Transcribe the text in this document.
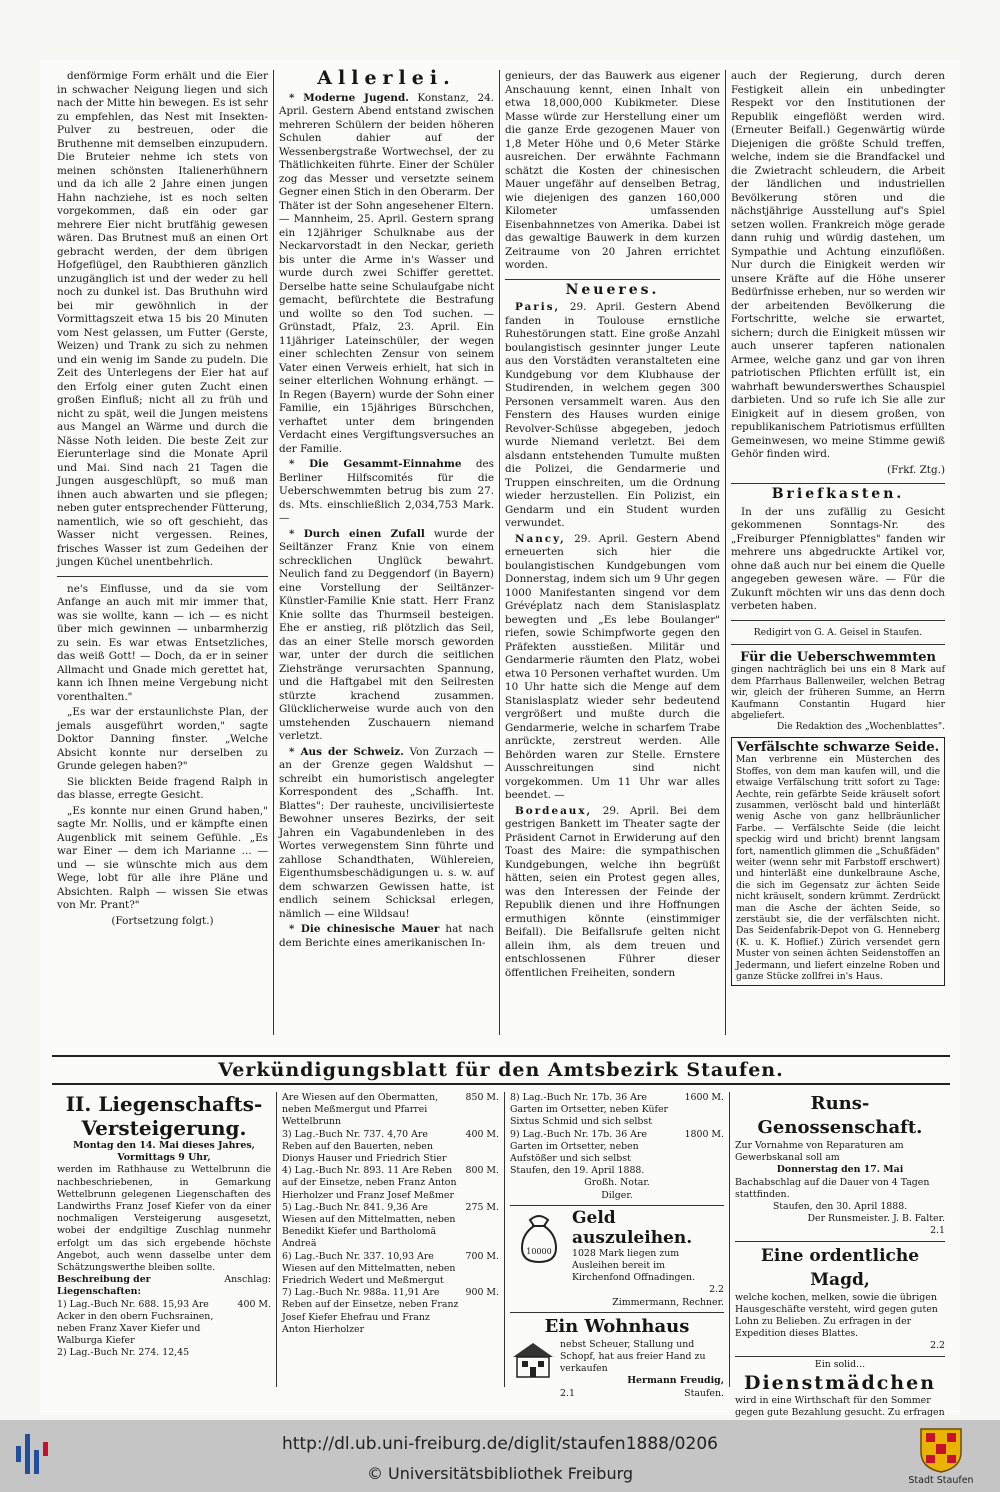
denförmige Form erhält und die Eier in schwacher Neigung liegen und sich nach der Mitte hin bewegen. Es ist sehr zu empfehlen, das Nest mit Insekten-Pulver zu bestreuen, oder die Bruthenne mit demselben einzupudern. Die Bruteier nehme ich stets von meinen schönsten Italienerhühnern und da ich alle 2 Jahre einen jungen Hahn nachziehe, ist es noch selten vorgekommen, daß ein oder gar mehrere Eier nicht brutfähig gewesen wären. Das Brutnest muß an einen Ort gebracht werden, der dem übrigen Hofgeflügel, den Raubthieren gänzlich unzugänglich ist und der weder zu hell noch zu dunkel ist. Das Bruthuhn wird bei mir gewöhnlich in der Vormittagszeit etwa 15 bis 20 Minuten vom Nest gelassen, um Futter (Gerste, Weizen) und Trank zu sich zu nehmen und ein wenig im Sande zu pudeln. Die Zeit des Unterlegens der Eier hat auf den Erfolg einer guten Zucht einen großen Einfluß; nicht all zu früh und nicht zu spät, weil die Jungen meistens aus Mangel an Wärme und durch die Nässe Noth leiden. Die beste Zeit zur Eierunterlage sind die Monate April und Mai. Sind nach 21 Tagen die Jungen ausgeschlüpft, so muß man ihnen auch abwarten und sie pflegen; neben guter entsprechender Fütterung, namentlich, wie so oft geschieht, das Wasser nicht vergessen. Reines, frisches Wasser ist zum Gedeihen der jungen Küchel unentbehrlich.

ne's Einflusse, und da sie vom Anfange an auch mit mir immer that, was sie wollte, kann — ich — es nicht über mich gewinnen — unbarmherzig zu sein. Es war etwas Entsetzliches, das weiß Gott! — Doch, da er in seiner Allmacht und Gnade mich gerettet hat, kann ich Ihnen meine Vergebung nicht vorenthalten."

„Es war der erstaunlichste Plan, der jemals ausgeführt worden," sagte Doktor Danning finster. „Welche Absicht konnte nur derselben zu Grunde gelegen haben?"

Sie blickten Beide fragend Ralph in das blasse, erregte Gesicht.

„Es konnte nur einen Grund haben," sagte Mr. Nollis, und er kämpfte einen Augenblick mit seinem Gefühle. „Es war Einer — dem ich Marianne ... — und — sie wünschte mich aus dem Wege, lobt für alle ihre Pläne und Absichten. Ralph — wissen Sie etwas von Mr. Prant?"

(Fortsetzung folgt.)
Allerlei.

* Moderne Jugend. Konstanz, 24. April. Gestern Abend entstand zwischen mehreren Schülern der beiden höheren Schulen dahier auf der Wessenbergstraße Wortwechsel, der zu Thätlichkeiten führte. Einer der Schüler zog das Messer und versetzte seinem Gegner einen Stich in den Oberarm. Der Thäter ist der Sohn angesehener Eltern. — Mannheim, 25. April. Gestern sprang ein 12jähriger Schulknabe aus der Neckarvorstadt in den Neckar, gerieth bis unter die Arme in's Wasser und wurde durch zwei Schiffer gerettet. Derselbe hatte seine Schulaufgabe nicht gemacht, befürchtete die Bestrafung und wollte so den Tod suchen. — Grünstadt, Pfalz, 23. April. Ein 11jähriger Lateinschüler, der wegen einer schlechten Zensur von seinem Vater einen Verweis erhielt, hat sich in seiner elterlichen Wohnung erhängt. — In Regen (Bayern) wurde der Sohn einer Familie, ein 15jähriges Bürschchen, verhaftet unter dem bringenden Verdacht eines Vergiftungsversuches an der Familie.

* Die Gesammt-Einnahme des Berliner Hilfscomités für die Ueberschwemmten betrug bis zum 27. ds. Mts. einschließlich 2,034,753 Mark. —

* Durch einen Zufall wurde der Seiltänzer Franz Knie von einem schrecklichen Unglück bewahrt. Neulich fand zu Deggendorf (in Bayern) eine Vorstellung der Seiltänzer-Künstler-Familie Knie statt. Herr Franz Knie sollte das Thurmseil besteigen. Ehe er anstieg, riß plötzlich das Seil, das an einer Stelle morsch geworden war, unter der durch die seitlichen Ziehstränge verursachten Spannung, und die Haftgabel mit den Seilresten stürzte krachend zusammen. Glücklicherweise wurde auch von den umstehenden Zuschauern niemand verletzt.

* Aus der Schweiz. Von Zurzach — an der Grenze gegen Waldshut — schreibt ein humoristisch angelegter Korrespondent des „Schaffh. Int. Blattes": Der rauheste, uncivilisierteste Bewohner unseres Bezirks, der seit Jahren ein Vagabundenleben in des Wortes verwegenstem Sinn führte und zahllose Schandthaten, Wühlereien, Eigenthumsbeschädigungen u. s. w. auf dem schwarzen Gewissen hatte, ist endlich seinem Schicksal erlegen, nämlich — eine Wildsau!

* Die chinesische Mauer hat nach dem Berichte eines amerikanischen In-

genieurs, der das Bauwerk aus eigener Anschauung kennt, einen Inhalt von etwa 18,000,000 Kubikmeter. Diese Masse würde zur Herstellung einer um die ganze Erde gezogenen Mauer von 1,8 Meter Höhe und 0,6 Meter Stärke ausreichen. Der erwähnte Fachmann schätzt die Kosten der chinesischen Mauer ungefähr auf denselben Betrag, wie diejenigen des ganzen 160,000 Kilometer umfassenden Eisenbahnnetzes von Amerika. Dabei ist das gewaltige Bauwerk in dem kurzen Zeitraume von 20 Jahren errichtet worden.

Neueres.

Paris, 29. April. Gestern Abend fanden in Toulouse ernstliche Ruhestörungen statt. Eine große Anzahl boulangistisch gesinnter junger Leute aus den Vorstädten veranstalteten eine Kundgebung vor dem Klubhause der Studirenden, in welchem gegen 300 Personen versammelt waren. Aus den Fenstern des Hauses wurden einige Revolver-Schüsse abgegeben, jedoch wurde Niemand verletzt. Bei dem alsdann entstehenden Tumulte mußten die Polizei, die Gendarmerie und Truppen einschreiten, um die Ordnung wieder herzustellen. Ein Polizist, ein Gendarm und ein Student wurden verwundet.

Nancy, 29. April. Gestern Abend erneuerten sich hier die boulangistischen Kundgebungen vom Donnerstag, indem sich um 9 Uhr gegen 1000 Manifestanten singend vor dem Grévéplatz nach dem Stanislasplatz bewegten und „Es lebe Boulanger" riefen, sowie Schimpfworte gegen den Präfekten ausstießen. Militär und Gendarmerie räumten den Platz, wobei etwa 10 Personen verhaftet wurden. Um 10 Uhr hatte sich die Menge auf dem Stanislasplatz wieder sehr bedeutend vergrößert und mußte durch die Gendarmerie, welche in scharfem Trabe anrückte, zerstreut werden. Alle Behörden waren zur Stelle. Ernstere Ausschreitungen sind nicht vorgekommen. Um 11 Uhr war alles beendet. —

Bordeaux, 29. April. Bei dem gestrigen Bankett im Theater sagte der Präsident Carnot in Erwiderung auf den Toast des Maire: die sympathischen Kundgebungen, welche ihn begrüßt hätten, seien ein Protest gegen alles, was den Interessen der Feinde der Republik dienen und ihre Hoffnungen ermuthigen könnte (einstimmiger Beifall). Die Beifallsrufe gelten nicht allein ihm, als dem treuen und entschlossenen Führer dieser öffentlichen Freiheiten, sondern

auch der Regierung, durch deren Festigkeit allein ein unbedingter Respekt vor den Institutionen der Republik eingeflößt werden wird. (Erneuter Beifall.) Gegenwärtig würde Diejenigen die größte Schuld treffen, welche, indem sie die Brandfackel und die Zwietracht schleudern, die Arbeit der ländlichen und industriellen Bevölkerung stören und die nächstjährige Ausstellung auf's Spiel setzen wollen. Frankreich möge gerade dann ruhig und würdig dastehen, um Sympathie und Achtung einzuflößen. Nur durch die Einigkeit werden wir unsere Kräfte auf die Höhe unserer Bedürfnisse erheben, nur so werden wir der arbeitenden Bevölkerung die Fortschritte, welche sie erwartet, sichern; durch die Einigkeit müssen wir auch unserer tapferen nationalen Armee, welche ganz und gar von ihren patriotischen Pflichten erfüllt ist, ein wahrhaft bewunderswerthes Schauspiel darbieten. Und so rufe ich Sie alle zur Einigkeit auf in diesem großen, von republikanischem Patriotismus erfüllten Gemeinwesen, wo meine Stimme gewiß Gehör finden wird.

(Frkf. Ztg.)
Briefkasten.

In der uns zufällig zu Gesicht gekommenen Sonntags-Nr. des „Freiburger Pfennigblattes" fanden wir mehrere uns abgedruckte Artikel vor, ohne daß auch nur bei einem die Quelle angegeben gewesen wäre. — Für die Zukunft möchten wir uns das denn doch verbeten haben.

Redigirt von G. A. Geisel in Staufen.
Für die Ueberschwemmten
gingen nachträglich bei uns ein 8 Mark auf dem Pfarrhaus Ballenweiler, welchen Betrag wir, gleich der früheren Summe, an Herrn Kaufmann Constantin Hugard hier abgeliefert.
Die Redaktion des „Wochenblattes".
Verfälschte schwarze Seide.
Man verbrenne ein Müsterchen des Stoffes, von dem man kaufen will, und die etwaige Verfälschung tritt sofort zu Tage: Aechte, rein gefärbte Seide kräuselt sofort zusammen, verlöscht bald und hinterläßt wenig Asche von ganz hellbräunlicher Farbe. — Verfälschte Seide (die leicht speckig wird und bricht) brennt langsam fort, namentlich glimmen die „Schußfäden" weiter (wenn sehr mit Farbstoff erschwert) und hinterläßt eine dunkelbraune Asche, die sich im Gegensatz zur ächten Seide nicht kräuselt, sondern krümmt. Zerdrückt man die Asche der ächten Seide, so zerstäubt sie, die der verfälschten nicht. Das Seidenfabrik-Depot von G. Henneberg (K. u. K. Hoflief.) Zürich versendet gern Muster von seinen ächten Seidenstoffen an Jedermann, und liefert einzelne Roben und ganze Stücke zollfrei in's Haus.
Verkündigungsblatt für den Amtsbezirk Staufen.
II. Liegenschafts-
Versteigerung.
Montag den 14. Mai dieses Jahres, Vormittags 9 Uhr,
werden im Rathhause zu Wettelbrunn die nachbeschriebenen, in Gemarkung Wettelbrunn gelegenen Liegenschaften des Landwirths Franz Josef Kiefer von da einer nochmaligen Versteigerung ausgesetzt, wobei der endgiltige Zuschlag nunmehr erfolgt um das sich ergebende höchste Angebot, auch wenn dasselbe unter dem Schätzungswerthe bleiben sollte.
Beschreibung der Liegenschaften:
Anschlag:
1) Lag.-Buch Nr. 688. 15,93 Are Acker in den obern Fuchsrainen, neben Franz Xaver Kiefer und Walburga Kiefer
400 M.
2) Lag.-Buch Nr. 274. 12,45
Are Wiesen auf den Obermatten, neben Meßmergut und Pfarrei Wettelbrunn
850 M.
3) Lag.-Buch Nr. 737. 4,70 Are Reben auf den Bauerten, neben Dionys Hauser und Friedrich Stier
400 M.
4) Lag.-Buch Nr. 893. 11 Are Reben auf der Einsetze, neben Franz Anton Hierholzer und Franz Josef Meßmer
800 M.
5) Lag.-Buch Nr. 841. 9,36 Are Wiesen auf den Mittelmatten, neben Benedikt Kiefer und Bartholomä Andreä
275 M.
6) Lag.-Buch Nr. 337. 10,93 Are Wiesen auf den Mittelmatten, neben Friedrich Wedert und Meßmergut
700 M.
7) Lag.-Buch Nr. 988a. 11,91 Are Reben auf der Einsetze, neben Franz Josef Kiefer Ehefrau und Franz Anton Hierholzer
900 M.
8) Lag.-Buch Nr. 17b. 36 Are Garten im Ortsetter, neben Küfer Sixtus Schmid und sich selbst
1600 M.
9) Lag.-Buch Nr. 17b. 36 Are Garten im Ortsetter, neben Aufstößer und sich selbst
1800 M.
Staufen, den 19. April 1888.
Großh. Notar.
Dilger.
10000
Geld auszuleihen.
1028 Mark liegen zum Ausleihen bereit im Kirchenfond Offnadingen.
2.2
Zimmermann, Rechner.
Ein Wohnhaus
nebst Scheuer, Stallung und Schopf, hat aus freier Hand zu verkaufen
Hermann Freudig,
2.1	Staufen.
Runs-Genossenschaft.
Zur Vornahme von Reparaturen am Gewerbskanal soll am
Donnerstag den 17. Mai
Bachabschlag auf die Dauer von 4 Tagen stattfinden.
Staufen, den 30. April 1888.
Der Runsmeister. J. B. Falter.
2.1
Eine ordentliche Magd,
welche kochen, melken, sowie die übrigen Hausgeschäfte versteht, wird gegen guten Lohn zu Belieben. Zu erfragen in der Expedition dieses Blattes.
2.2
Ein solid...
Dienstmädchen
wird in eine Wirthschaft für den Sommer gegen gute Bezahlung gesucht. Zu erfragen
http://dl.ub.uni-freiburg.de/diglit/staufen1888/0206
© Universitätsbibliothek Freiburg	Stadt Staufen
